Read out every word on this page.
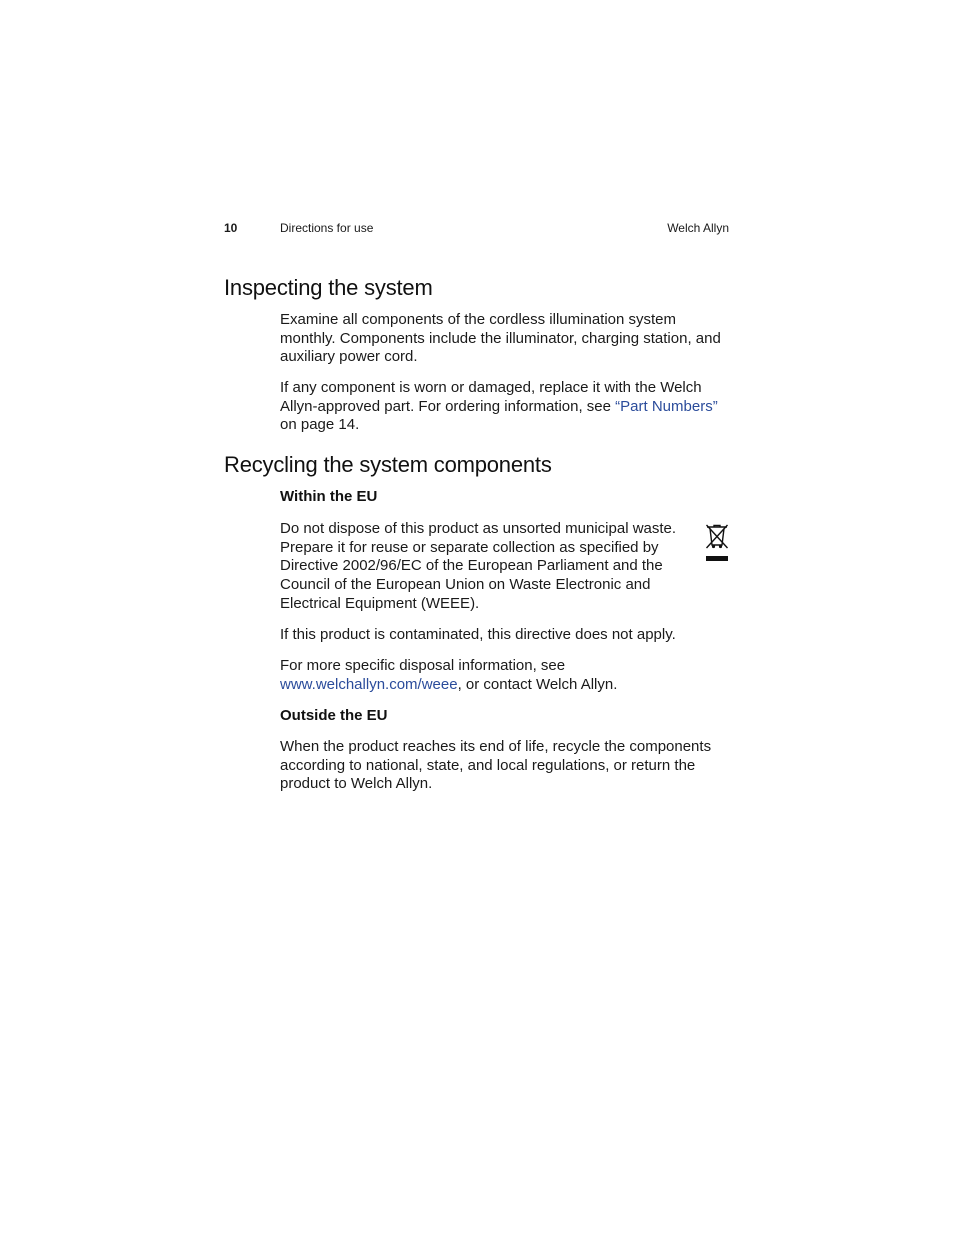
10	Directions for use	Welch Allyn
Inspecting the system

Examine all components of the cordless illumination system monthly. Components include the illuminator, charging station, and auxiliary power cord.

If any component is worn or damaged, replace it with the Welch Allyn-approved part. For ordering information, see “Part Numbers” on page 14.

Recycling the system components
Within the EU

Do not dispose of this product as unsorted municipal waste. Prepare it for reuse or separate collection as specified by Directive 2002/96/EC of the European Parliament and the Council of the European Union on Waste Electronic and Electrical Equipment (WEEE).

If this product is contaminated, this directive does not apply.

For more specific disposal information, see
www.welchallyn.com/weee, or contact Welch Allyn.

Outside the EU

When the product reaches its end of life, recycle the components according to national, state, and local regulations, or return the product to Welch Allyn.
